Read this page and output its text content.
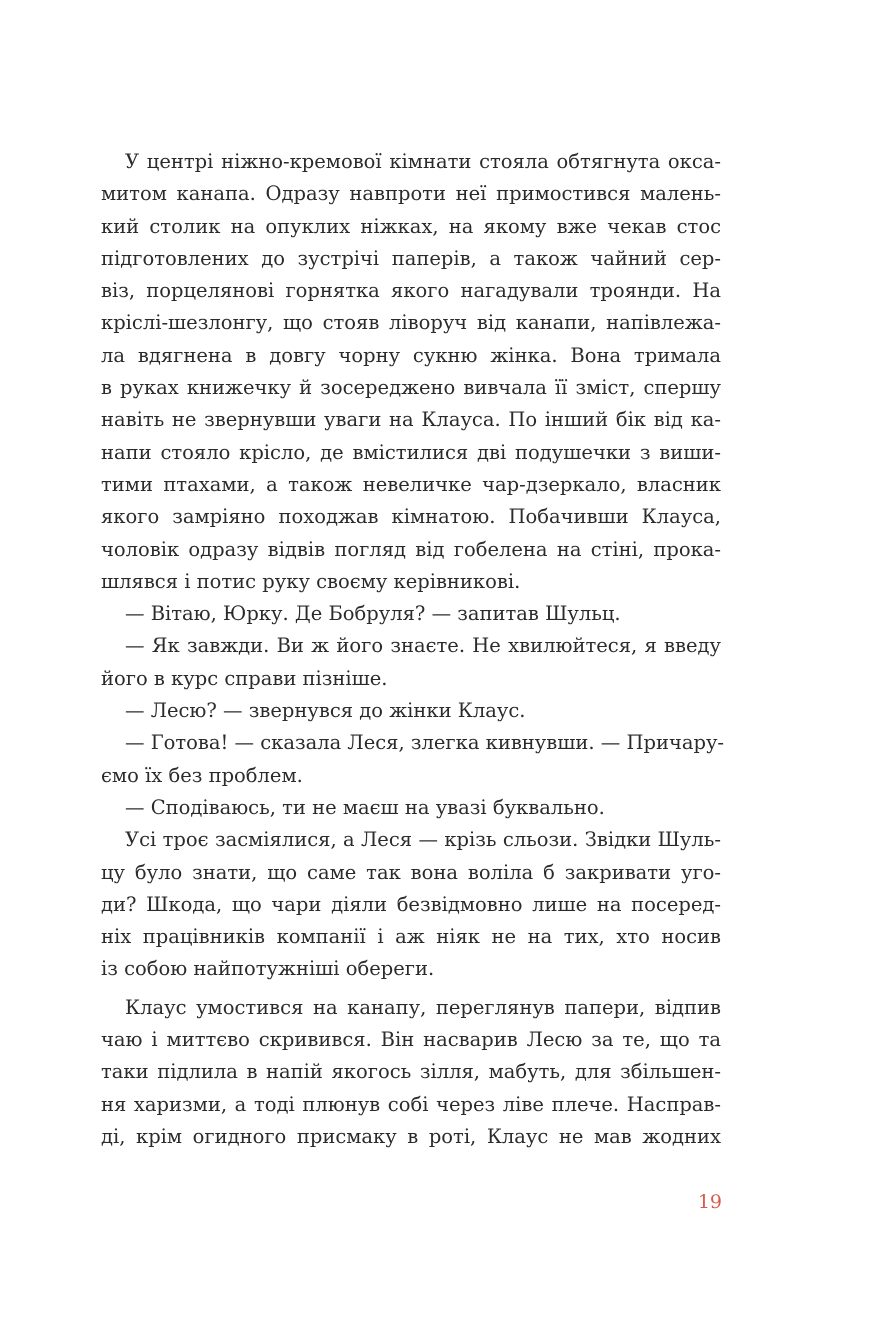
У центрі ніжно-кремової кімнати стояла обтягнута окса-
митом канапа. Одразу навпроти неї примостився малень-
кий столик на опуклих ніжках, на якому вже чекав стос
підготовлених до зустрічі паперів, а також чайний сер-
віз, порцелянові горнятка якого нагадували троянди. На
кріслі-шезлонгу, що стояв ліворуч від канапи, напівлежа-
ла вдягнена в довгу чорну сукню жінка. Вона тримала
в руках книжечку й зосереджено вивчала її зміст, спершу
навіть не звернувши уваги на Клауса. По інший бік від ка-
напи стояло крісло, де вмістилися дві подушечки з виши-
тими птахами, а також невеличке чар-дзеркало, власник
якого замріяно походжав кімнатою. Побачивши Клауса,
чоловік одразу відвів погляд від гобелена на стіні, прока-
шлявся і потис руку своєму керівникові.
— Вітаю, Юрку. Де Бобруля? — запитав Шульц.
— Як завжди. Ви ж його знаєте. Не хвилюйтеся, я введу
його в курс справи пізніше.
— Лесю? — звернувся до жінки Клаус.
— Готова! — сказала Леся, злегка кивнувши. — Причару-
ємо їх без проблем.
— Сподіваюсь, ти не маєш на увазі буквально.
Усі троє засміялися, а Леся — крізь сльози. Звідки Шуль-
цу було знати, що саме так вона воліла б закривати уго-
ди? Шкода, що чари діяли безвідмовно лише на посеред-
ніх працівників компанії і аж ніяк не на тих, хто носив
із собою найпотужніші обереги.
Клаус умостився на канапу, переглянув папери, відпив
чаю і миттєво скривився. Він насварив Лесю за те, що та
таки підлила в напій якогось зілля, мабуть, для збільшен-
ня харизми, а тоді плюнув собі через ліве плече. Насправ-
ді, крім огидного присмаку в роті, Клаус не мав жодних
19
